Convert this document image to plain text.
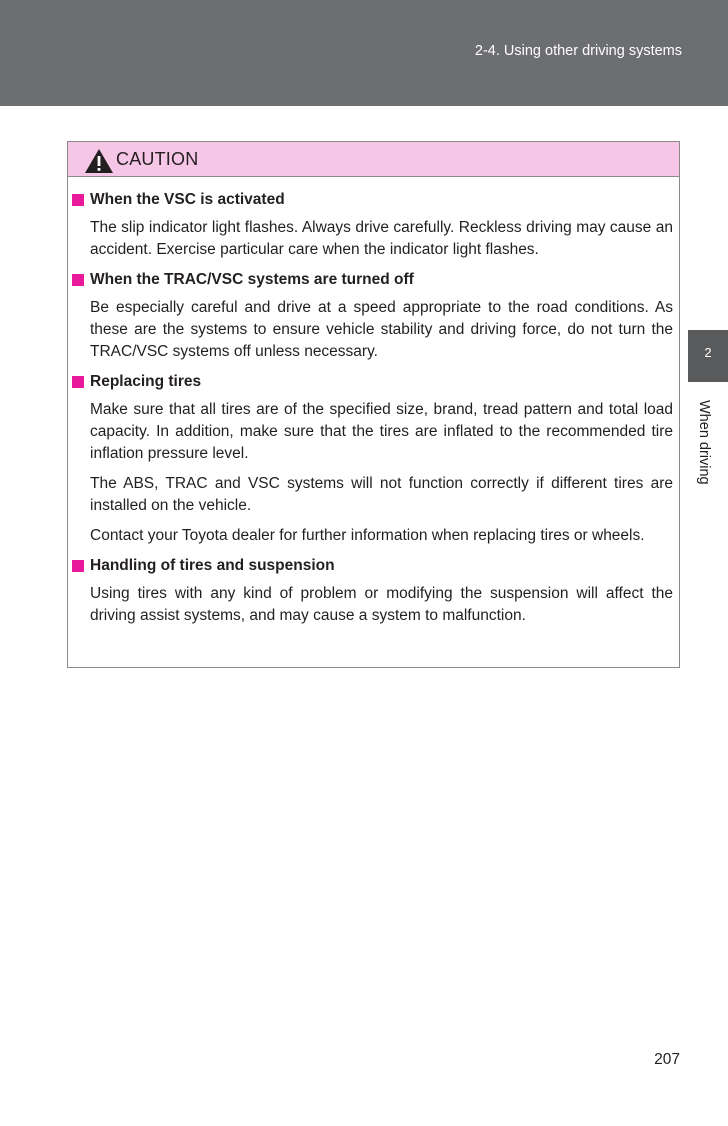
2-4. Using other driving systems
2
When driving
CAUTION
When the VSC is activated

The slip indicator light flashes. Always drive carefully. Reckless driving may cause an accident. Exercise particular care when the indicator light flashes.

When the TRAC/VSC systems are turned off

Be especially careful and drive at a speed appropriate to the road conditions. As these are the systems to ensure vehicle stability and driving force, do not turn the TRAC/VSC systems off unless necessary.

Replacing tires

Make sure that all tires are of the specified size, brand, tread pattern and total load capacity. In addition, make sure that the tires are inflated to the recommended tire inflation pressure level.

The ABS, TRAC and VSC systems will not function correctly if different tires are installed on the vehicle.

Contact your Toyota dealer for further information when replacing tires or wheels.

Handling of tires and suspension

Using tires with any kind of problem or modifying the suspension will affect the driving assist systems, and may cause a system to malfunction.

207
